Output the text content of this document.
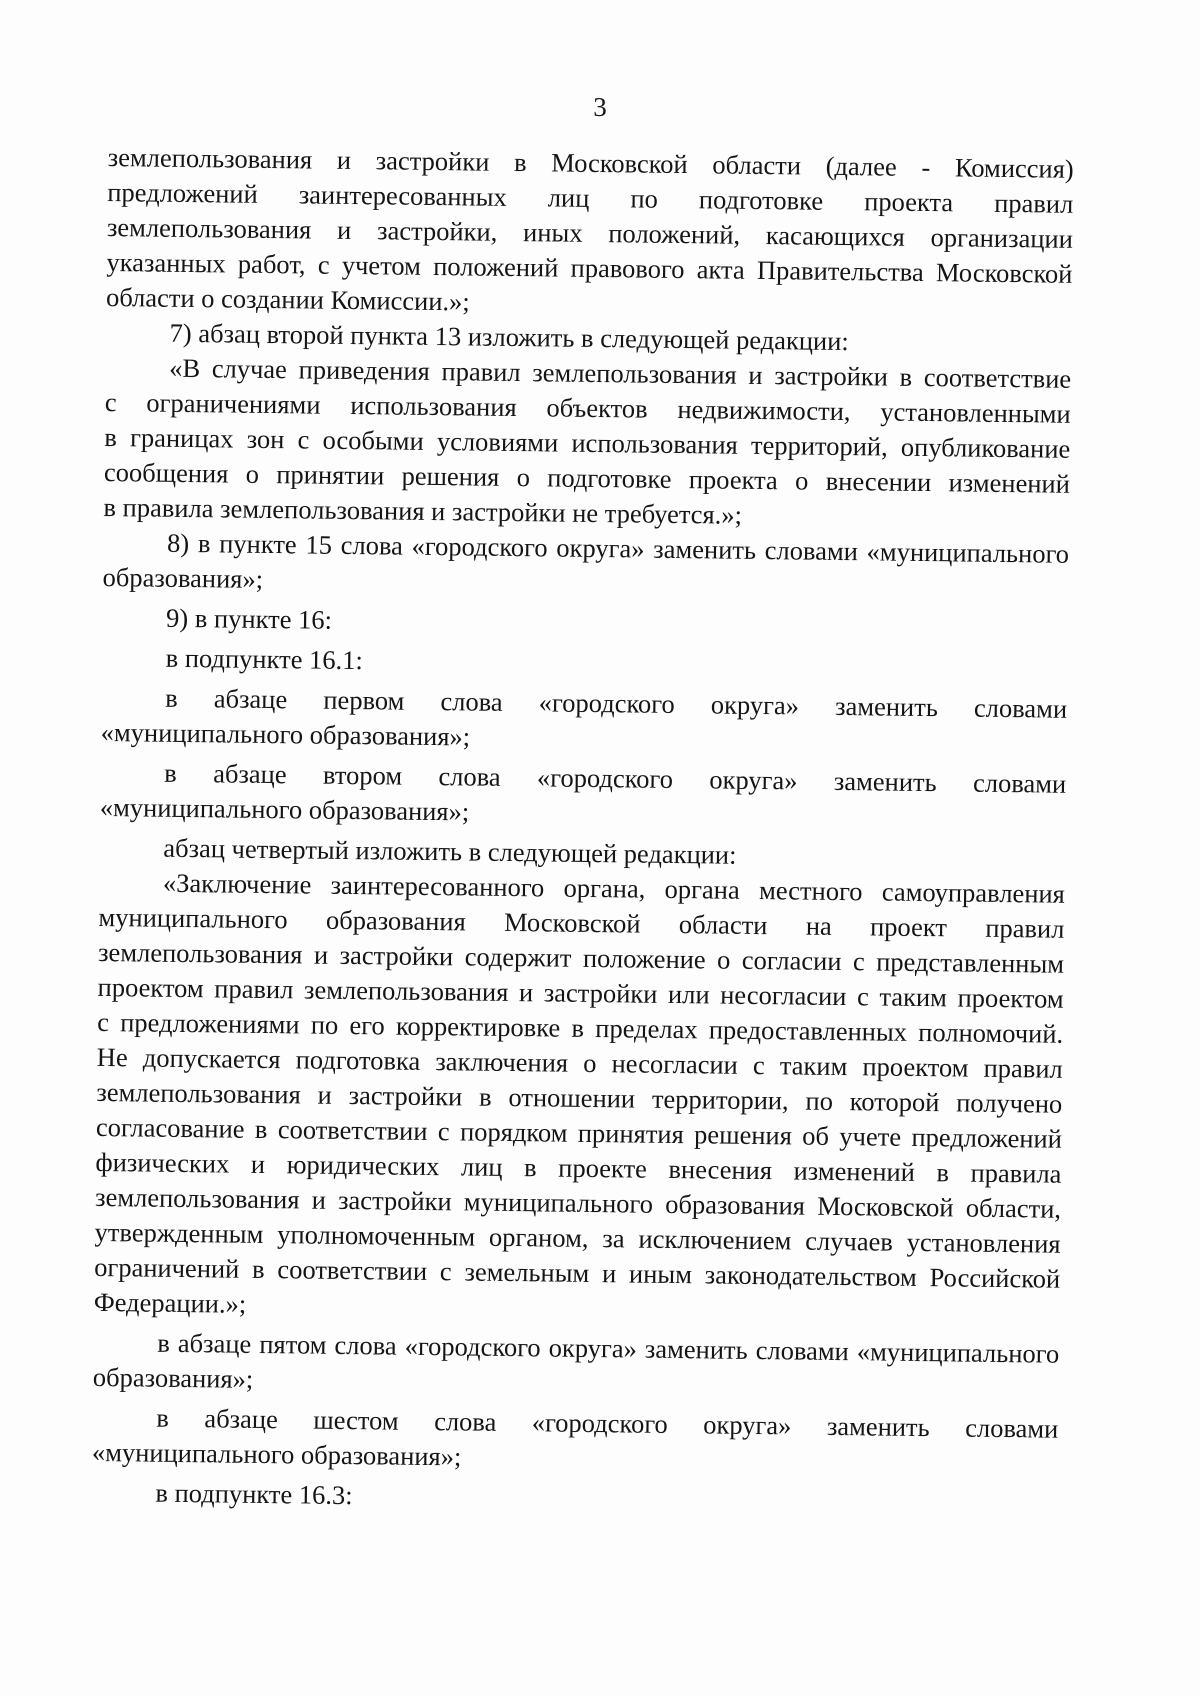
3
землепользования и застройки в Московской области (далее - Комиссия)
предложений заинтересованных лиц по подготовке проекта правил
землепользования и застройки, иных положений, касающихся организации
указанных работ, с учетом положений правового акта Правительства Московской
области о создании Комиссии.»;
7) абзац второй пункта 13 изложить в следующей редакции:
«В случае приведения правил землепользования и застройки в соответствие
с ограничениями использования объектов недвижимости, установленными
в границах зон с особыми условиями использования территорий, опубликование
сообщения о принятии решения о подготовке проекта о внесении изменений
в правила землепользования и застройки не требуется.»;
8) в пункте 15 слова «городского округа» заменить словами «муниципального
образования»;
9) в пункте 16:
в подпункте 16.1:
в абзаце первом слова «городского округа» заменить словами
«муниципального образования»;
в абзаце втором слова «городского округа» заменить словами
«муниципального образования»;
абзац четвертый изложить в следующей редакции:
«Заключение заинтересованного органа, органа местного самоуправления
муниципального образования Московской области на проект правил
землепользования и застройки содержит положение о согласии с представленным
проектом правил землепользования и застройки или несогласии с таким проектом
с предложениями по его корректировке в пределах предоставленных полномочий.
Не допускается подготовка заключения о несогласии с таким проектом правил
землепользования и застройки в отношении территории, по которой получено
согласование в соответствии с порядком принятия решения об учете предложений
физических и юридических лиц в проекте внесения изменений в правила
землепользования и застройки муниципального образования Московской области,
утвержденным уполномоченным органом, за исключением случаев установления
ограничений в соответствии с земельным и иным законодательством Российской
Федерации.»;
в абзаце пятом слова «городского округа» заменить словами «муниципального
образования»;
в абзаце шестом слова «городского округа» заменить словами
«муниципального образования»;
в подпункте 16.3:
